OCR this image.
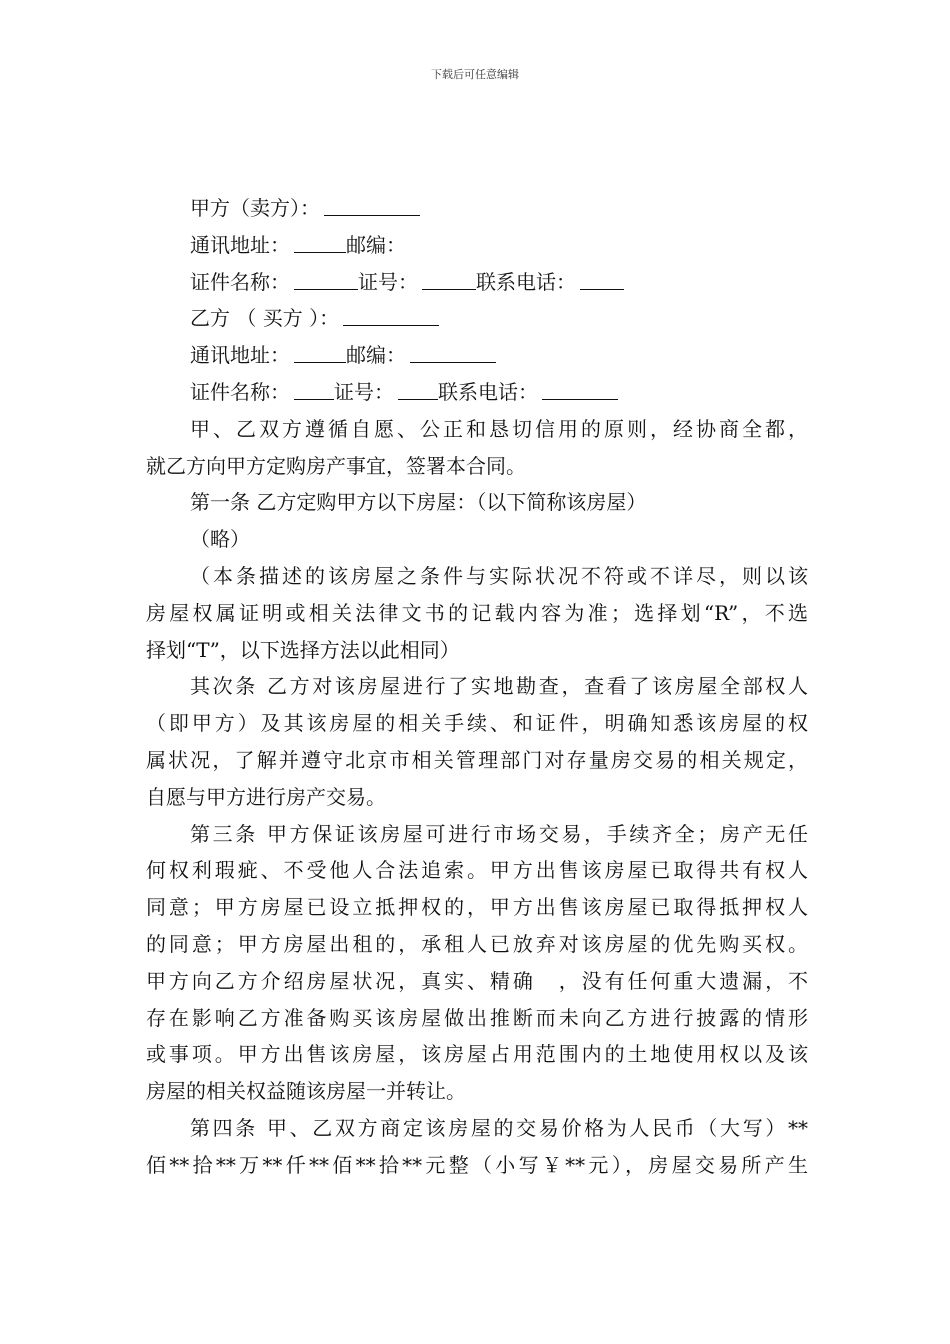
下载后可任意编辑
甲方（卖方）：
通讯地址：	邮编：
证件名称：	证号：	联系电话：
乙方 （ 买方 ）：
通讯地址：	邮编：
证件名称： 证号： 联系电话：
甲、乙双方遵循自愿、公正和恳切信用的原则，经协商全都，
就乙方向甲方定购房产事宜，签署本合同。
第一条 乙方定购甲方以下房屋：（以下简称该房屋）
（略）
（本条描述的该房屋之条件与实际状况不符或不详尽，则以该
房屋权属证明或相关法律文书的记载内容为准；选择划“R”，不选
择划“T”，以下选择方法以此相同）
其次条 乙方对该房屋进行了实地勘查，查看了该房屋全部权人
（即甲方）及其该房屋的相关手续、和证件，明确知悉该房屋的权
属状况，了解并遵守北京市相关管理部门对存量房交易的相关规定，
自愿与甲方进行房产交易。
第三条 甲方保证该房屋可进行市场交易，手续齐全；房产无任
何权利瑕疵、不受他人合法追索。甲方出售该房屋已取得共有权人
同意；甲方房屋已设立抵押权的，甲方出售该房屋已取得抵押权人
的同意；甲方房屋出租的，承租人已放弃对该房屋的优先购买权。
甲方向乙方介绍房屋状况，真实、精确　，没有任何重大遗漏，不
存在影响乙方准备购买该房屋做出推断而未向乙方进行披露的情形
或事项。甲方出售该房屋，该房屋占用范围内的土地使用权以及该
房屋的相关权益随该房屋一并转让。
第四条 甲、乙双方商定该房屋的交易价格为人民币（大写）**
佰**拾**万**仟**佰**拾**元整（小写￥**元），房屋交易所产生
